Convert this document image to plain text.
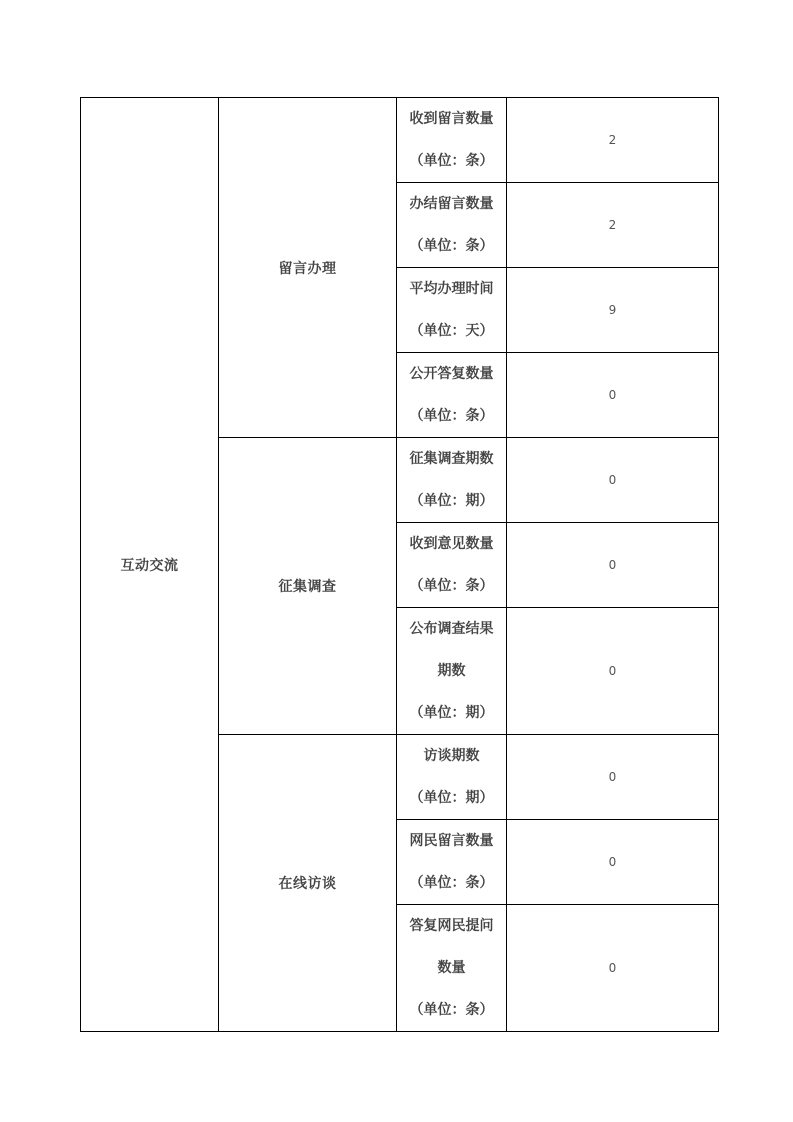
互动交流	留言办理	收到留言数量
（单位：条）	2

		办结留言数量
（单位：条）	2

		平均办理时间
（单位：天）	9

		公开答复数量
（单位：条）	0
	征集调查	征集调查期数
（单位：期）	0

		收到意见数量
（单位：条）	0

		公布调查结果
期数
（单位：期）	0
	在线访谈	访谈期数
（单位：期）	0

		网民留言数量
（单位：条）	0

		答复网民提问
数量
（单位：条）	0
